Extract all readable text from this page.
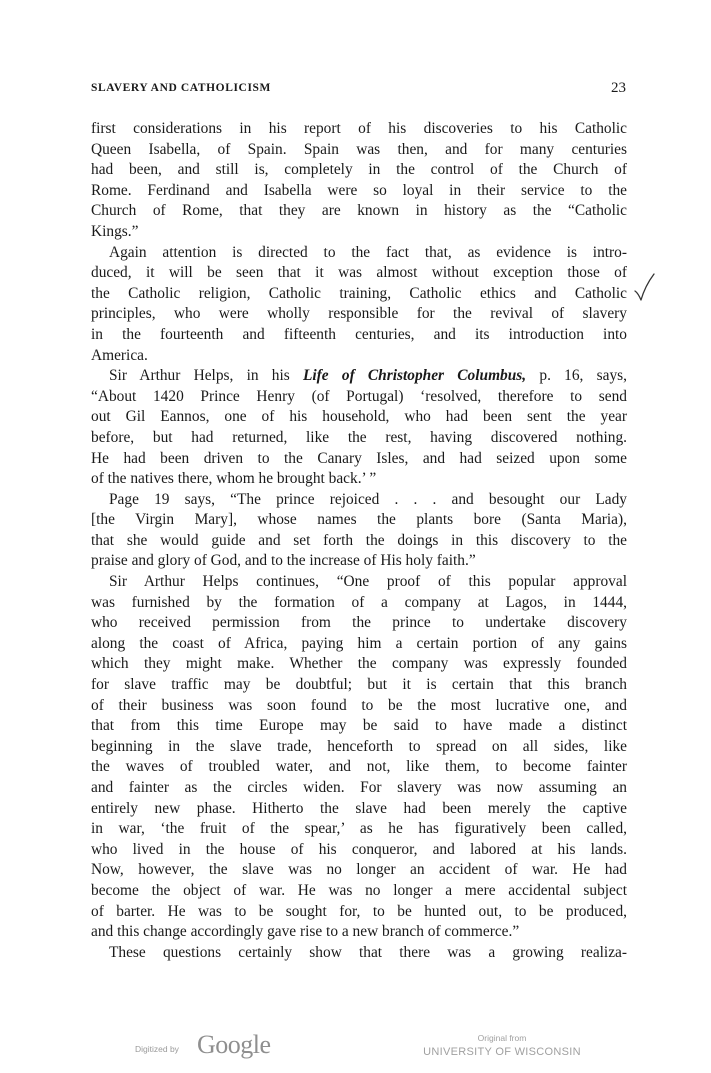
SLAVERY AND CATHOLICISM	23
first considerations in his report of his discoveries to his Catholic
Queen Isabella, of Spain. Spain was then, and for many centuries
had been, and still is, completely in the control of the Church of
Rome. Ferdinand and Isabella were so loyal in their service to the
Church of Rome, that they are known in history as the “Catholic
Kings.”
Again attention is directed to the fact that, as evidence is intro-
duced, it will be seen that it was almost without exception those of
the Catholic religion, Catholic training, Catholic ethics and Catholic
principles, who were wholly responsible for the revival of slavery
in the fourteenth and fifteenth centuries, and its introduction into
America.
Sir Arthur Helps, in his Life of Christopher Columbus, p. 16, says,
“About 1420 Prince Henry (of Portugal) ‘resolved, therefore to send
out Gil Eannos, one of his household, who had been sent the year
before, but had returned, like the rest, having discovered nothing.
He had been driven to the Canary Isles, and had seized upon some
of the natives there, whom he brought back.’ ”
Page 19 says, “The prince rejoiced . . . and besought our Lady
[the Virgin Mary], whose names the plants bore (Santa Maria),
that she would guide and set forth the doings in this discovery to the
praise and glory of God, and to the increase of His holy faith.”
Sir Arthur Helps continues, “One proof of this popular approval
was furnished by the formation of a company at Lagos, in 1444,
who received permission from the prince to undertake discovery
along the coast of Africa, paying him a certain portion of any gains
which they might make. Whether the company was expressly founded
for slave traffic may be doubtful; but it is certain that this branch
of their business was soon found to be the most lucrative one, and
that from this time Europe may be said to have made a distinct
beginning in the slave trade, henceforth to spread on all sides, like
the waves of troubled water, and not, like them, to become fainter
and fainter as the circles widen. For slavery was now assuming an
entirely new phase. Hitherto the slave had been merely the captive
in war, ‘the fruit of the spear,’ as he has figuratively been called,
who lived in the house of his conqueror, and labored at his lands.
Now, however, the slave was no longer an accident of war. He had
become the object of war. He was no longer a mere accidental subject
of barter. He was to be sought for, to be hunted out, to be produced,
and this change accordingly gave rise to a new branch of commerce.”
These questions certainly show that there was a growing realiza-
Digitized by Google	Original from
UNIVERSITY OF WISCONSIN
